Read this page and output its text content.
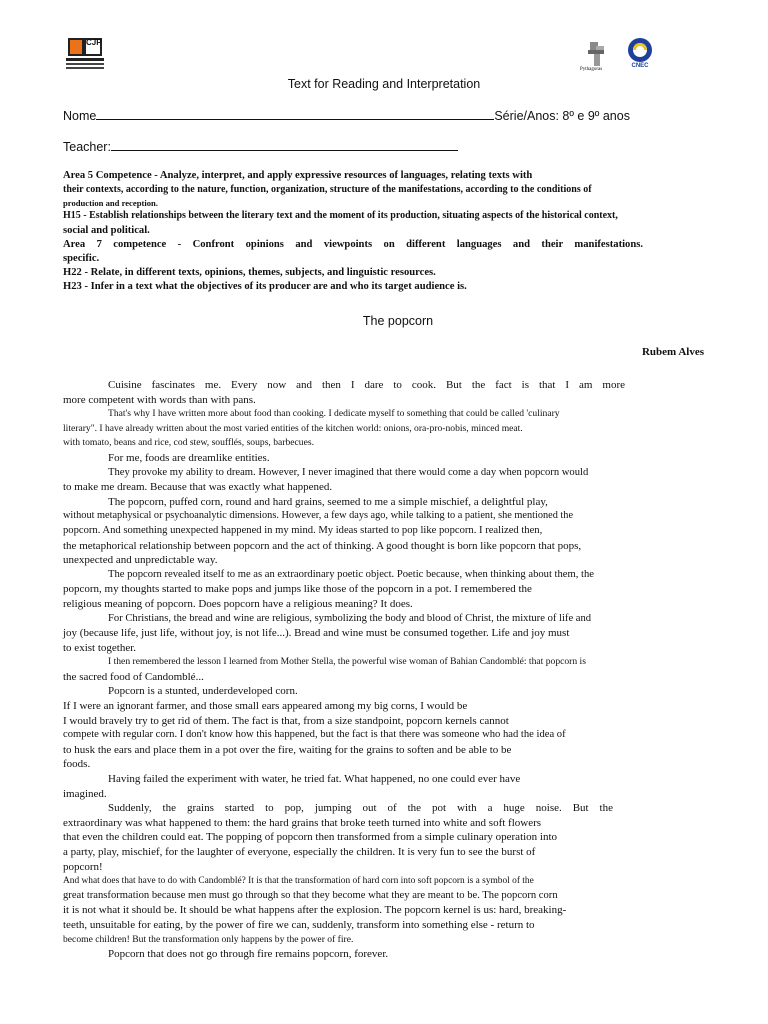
CJP
Pythagoras
CNEC
Text for Reading and Interpretation
Nome	Série/Anos: 8º e 9º anos
Teacher:

Area 5 Competence - Analyze, interpret, and apply expressive resources of languages, relating texts with

their contexts, according to the nature, function, organization, structure of the manifestations, according to the conditions of

production and reception.

H15 - Establish relationships between the literary text and the moment of its production, situating aspects of the historical context,

social and political.

Area 7 competence - Confront opinions and viewpoints on different languages and their manifestations.

specific.

H22 - Relate, in different texts, opinions, themes, subjects, and linguistic resources.

H23 - Infer in a text what the objectives of its producer are and who its target audience is.

The popcorn
Rubem Alves
Cuisine fascinates me. Every now and then I dare to cook. But the fact is that I am more
more competent with words than with pans.
That's why I have written more about food than cooking. I dedicate myself to something that could be called 'culinary
literary". I have already written about the most varied entities of the kitchen world: onions, ora-pro-nobis, minced meat.
with tomato, beans and rice, cod stew, soufflés, soups, barbecues.
For me, foods are dreamlike entities.
They provoke my ability to dream. However, I never imagined that there would come a day when popcorn would
to make me dream. Because that was exactly what happened.
The popcorn, puffed corn, round and hard grains, seemed to me a simple mischief, a delightful play,
without metaphysical or psychoanalytic dimensions. However, a few days ago, while talking to a patient, she mentioned the
popcorn. And something unexpected happened in my mind. My ideas started to pop like popcorn. I realized then,
the metaphorical relationship between popcorn and the act of thinking. A good thought is born like popcorn that pops,
unexpected and unpredictable way.
The popcorn revealed itself to me as an extraordinary poetic object. Poetic because, when thinking about them, the
popcorn, my thoughts started to make pops and jumps like those of the popcorn in a pot. I remembered the
religious meaning of popcorn. Does popcorn have a religious meaning? It does.
For Christians, the bread and wine are religious, symbolizing the body and blood of Christ, the mixture of life and
joy (because life, just life, without joy, is not life...). Bread and wine must be consumed together. Life and joy must
to exist together.
I then remembered the lesson I learned from Mother Stella, the powerful wise woman of Bahian Candomblé: that popcorn is
the sacred food of Candomblé...
Popcorn is a stunted, underdeveloped corn.
If I were an ignorant farmer, and those small ears appeared among my big corns, I would be
I would bravely try to get rid of them. The fact is that, from a size standpoint, popcorn kernels cannot
compete with regular corn. I don't know how this happened, but the fact is that there was someone who had the idea of
to husk the ears and place them in a pot over the fire, waiting for the grains to soften and be able to be
foods.
Having failed the experiment with water, he tried fat. What happened, no one could ever have
imagined.
Suddenly, the grains started to pop, jumping out of the pot with a huge noise. But the
extraordinary was what happened to them: the hard grains that broke teeth turned into white and soft flowers
that even the children could eat. The popping of popcorn then transformed from a simple culinary operation into
a party, play, mischief, for the laughter of everyone, especially the children. It is very fun to see the burst of
popcorn!
And what does that have to do with Candomblé? It is that the transformation of hard corn into soft popcorn is a symbol of the
great transformation because men must go through so that they become what they are meant to be. The popcorn corn
it is not what it should be. It should be what happens after the explosion. The popcorn kernel is us: hard, breaking-
teeth, unsuitable for eating, by the power of fire we can, suddenly, transform into something else - return to
become children! But the transformation only happens by the power of fire.
Popcorn that does not go through fire remains popcorn, forever.
